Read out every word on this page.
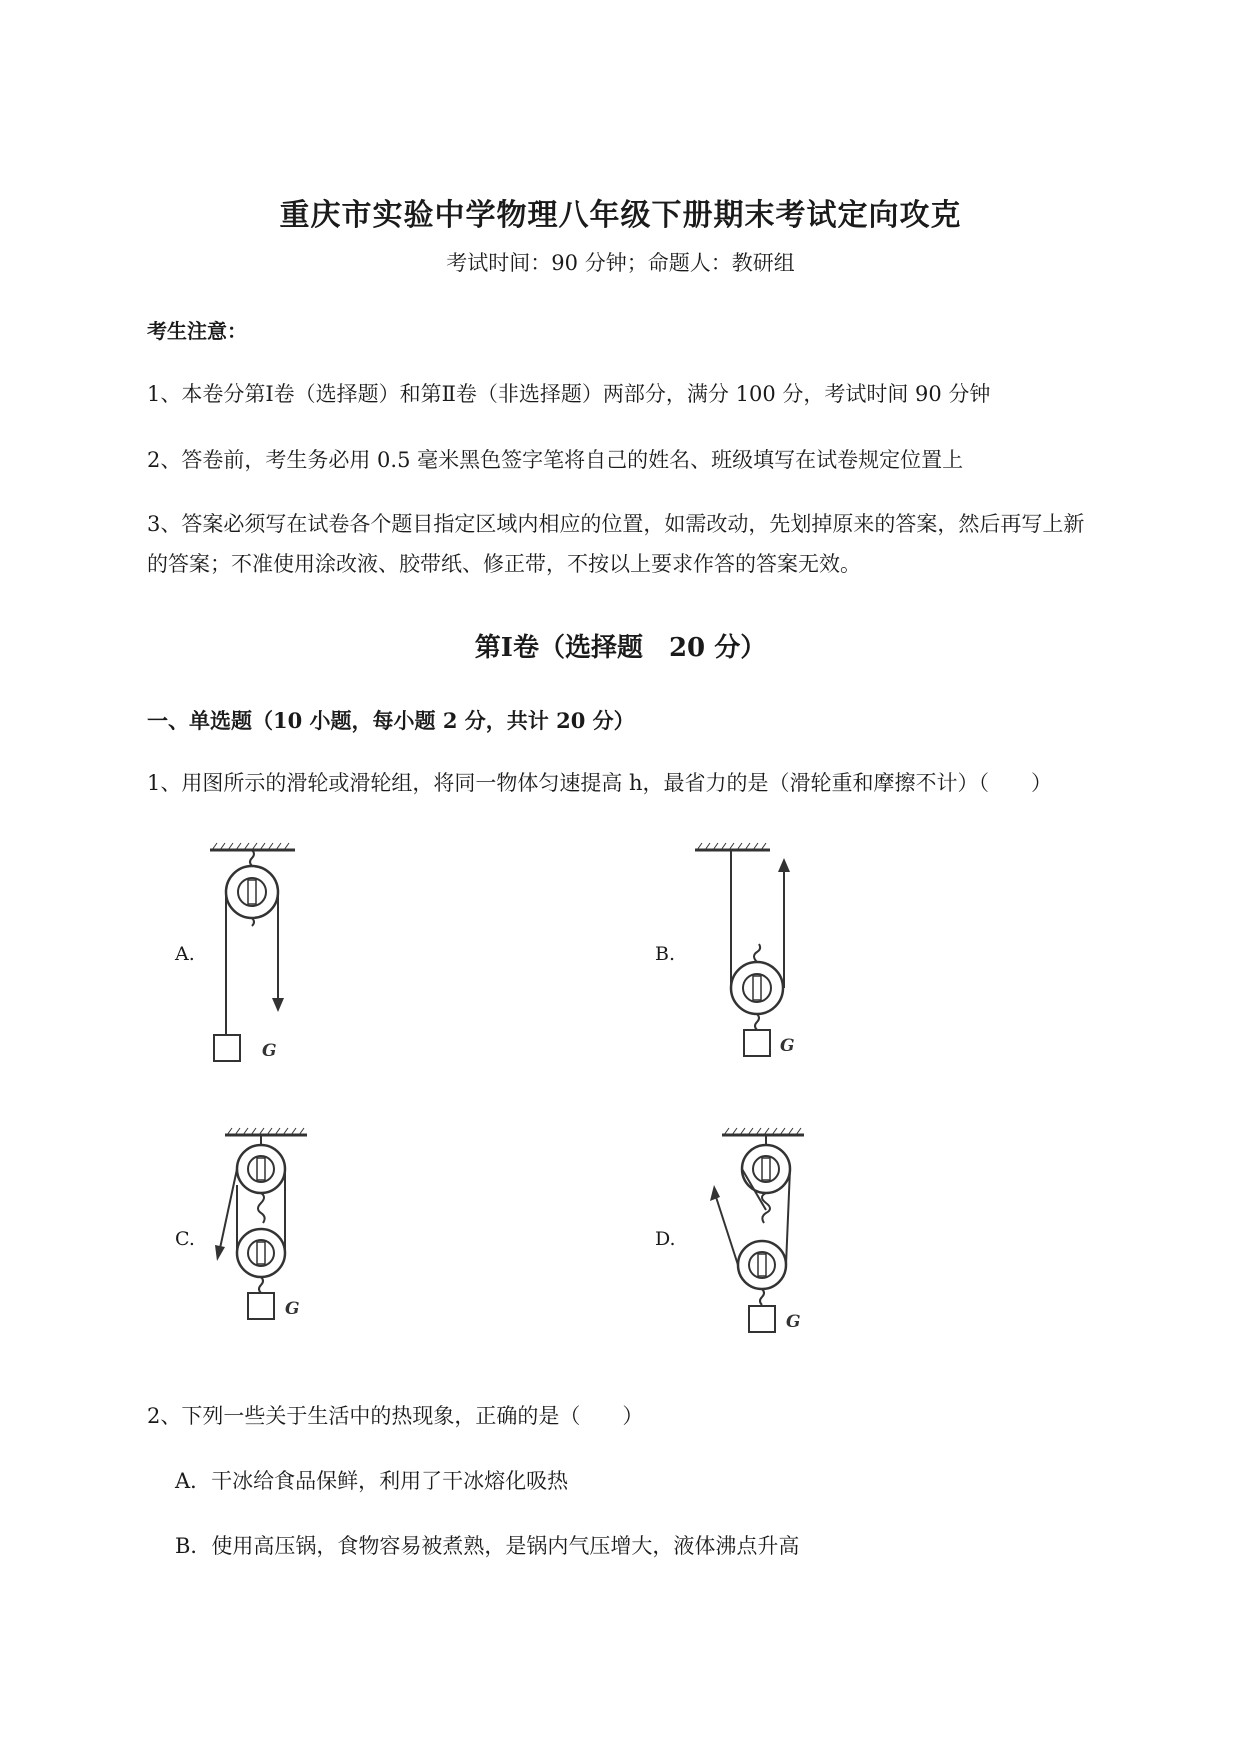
重庆市实验中学物理八年级下册期末考试定向攻克
考试时间：90 分钟；命题人：教研组
考生注意：
1、本卷分第Ⅰ卷（选择题）和第Ⅱ卷（非选择题）两部分，满分 100 分，考试时间 90 分钟
2、答卷前，考生务必用 0.5 毫米黑色签字笔将自己的姓名、班级填写在试卷规定位置上
3、答案必须写在试卷各个题目指定区域内相应的位置，如需改动，先划掉原来的答案，然后再写上新
的答案；不准使用涂改液、胶带纸、修正带，不按以上要求作答的答案无效。
第Ⅰ卷（选择题　20 分）
一、单选题（10 小题，每小题 2 分，共计 20 分）
1、用图所示的滑轮或滑轮组，将同一物体匀速提高 h，最省力的是（滑轮重和摩擦不计）（　　）
A.
G
B.
G
C.
G
D.
G
2、下列一些关于生活中的热现象，正确的是（　　）
A．干冰给食品保鲜，利用了干冰熔化吸热
B．使用高压锅，食物容易被煮熟，是锅内气压增大，液体沸点升高
